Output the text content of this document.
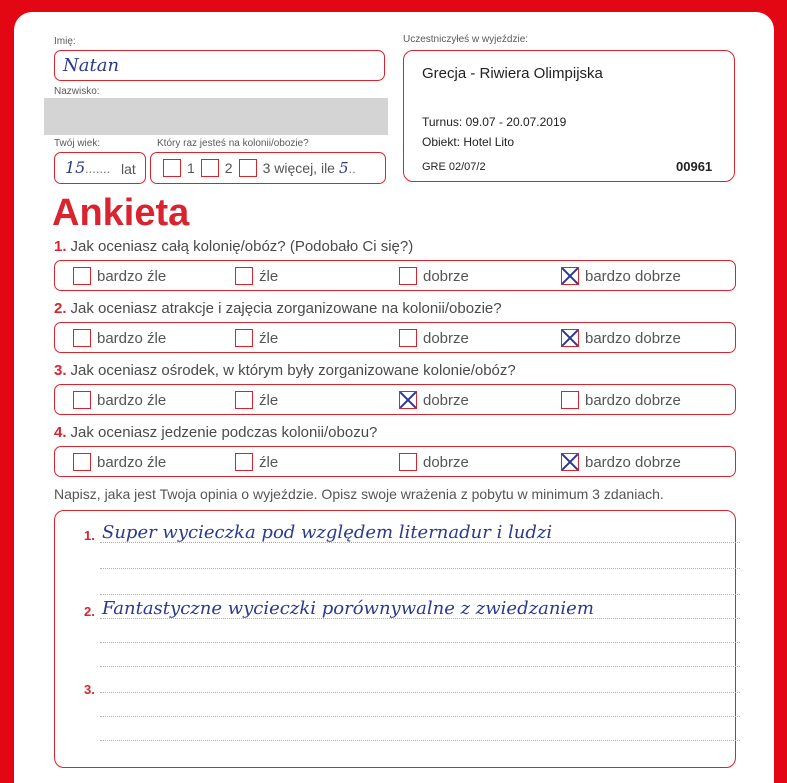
Imię:
Natan
Nazwisko:
Twój wiek:
15 ....... lat
Który raz jesteś na kolonii/obozie?
1 2 3 więcej, ile 5 ..
Uczestniczyłeś w wyjeździe:
Grecja - Riwiera Olimpijska
Turnus: 09.07 - 20.07.2019
Obiekt: Hotel Lito
GRE 02/07/2	00961
Ankieta
1. Jak oceniasz całą kolonię/obóz? (Podobało Ci się?)
bardzo źle	źle	dobrze	bardzo dobrze
2. Jak oceniasz atrakcje i zajęcia zorganizowane na kolonii/obozie?
bardzo źle	źle	dobrze	bardzo dobrze
3. Jak oceniasz ośrodek, w którym były zorganizowane kolonie/obóz?
bardzo źle	źle	dobrze	bardzo dobrze
4. Jak oceniasz jedzenie podczas kolonii/obozu?
bardzo źle	źle	dobrze	bardzo dobrze
Napisz, jaka jest Twoja opinia o wyjeździe. Opisz swoje wrażenia z pobytu w minimum 3 zdaniach.
1. Super wycieczka pod względem liternadur i ludzi
2. Fantastyczne wycieczki porównywalne z zwiedzaniem
3.
